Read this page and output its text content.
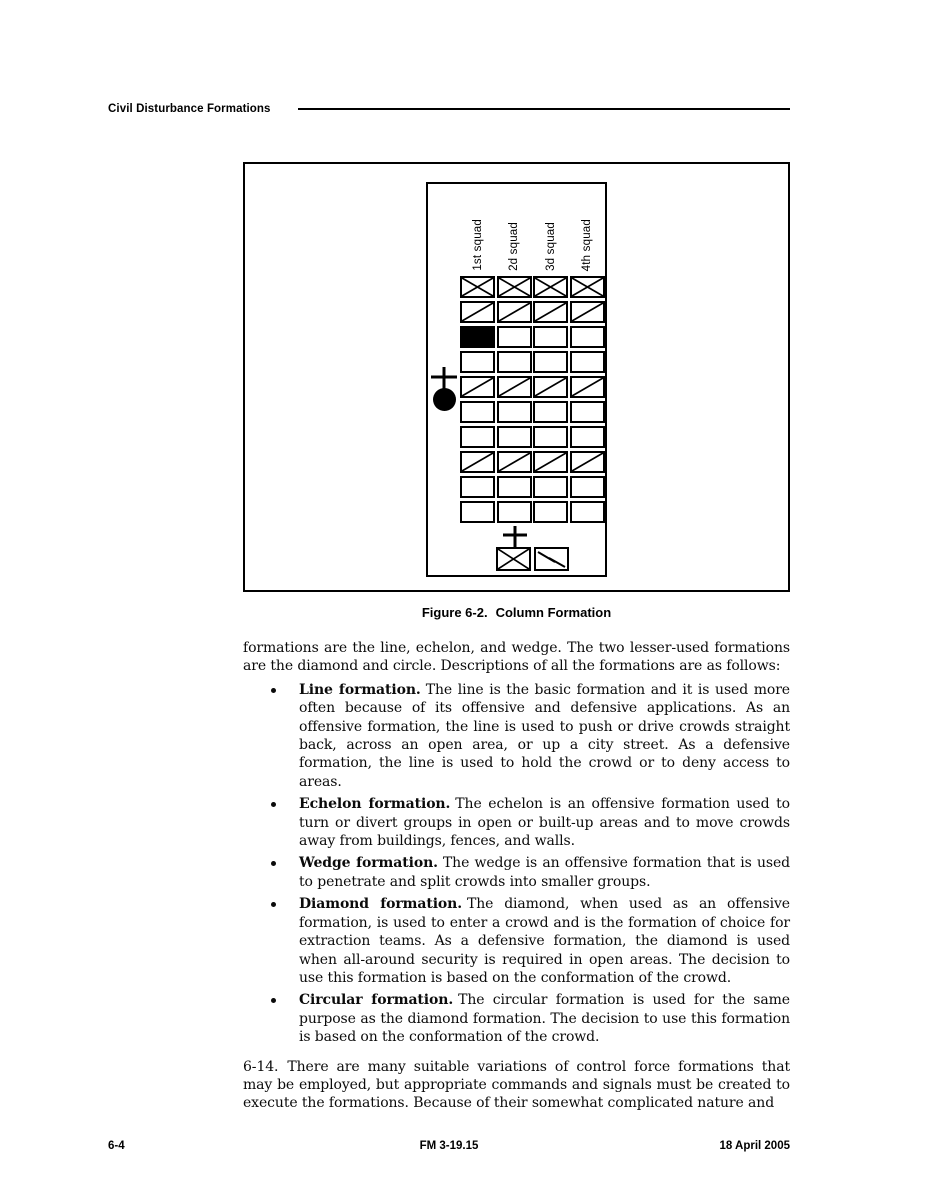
Civil Disturbance Formations
1st squad 2d squad 3d squad 4th squad
Figure 6-2. Column Formation

formations are the line, echelon, and wedge. The two lesser-used formations are the diamond and circle. Descriptions of all the formations are as follows:

Line formation. The line is the basic formation and it is used more often because of its offensive and defensive applications. As an offensive formation, the line is used to push or drive crowds straight back, across an open area, or up a city street. As a defensive formation, the line is used to hold the crowd or to deny access to areas.
Echelon formation. The echelon is an offensive formation used to turn or divert groups in open or built-up areas and to move crowds away from buildings, fences, and walls.
Wedge formation. The wedge is an offensive formation that is used to penetrate and split crowds into smaller groups.
Diamond formation. The diamond, when used as an offensive formation, is used to enter a crowd and is the formation of choice for extraction teams. As a defensive formation, the diamond is used when all-around security is required in open areas. The decision to use this formation is based on the conformation of the crowd.
Circular formation. The circular formation is used for the same purpose as the diamond formation. The decision to use this formation is based on the conformation of the crowd.

6-14. There are many suitable variations of control force formations that may be employed, but appropriate commands and signals must be created to execute the formations. Because of their somewhat complicated nature and

6-4	FM 3-19.15	18 April 2005
